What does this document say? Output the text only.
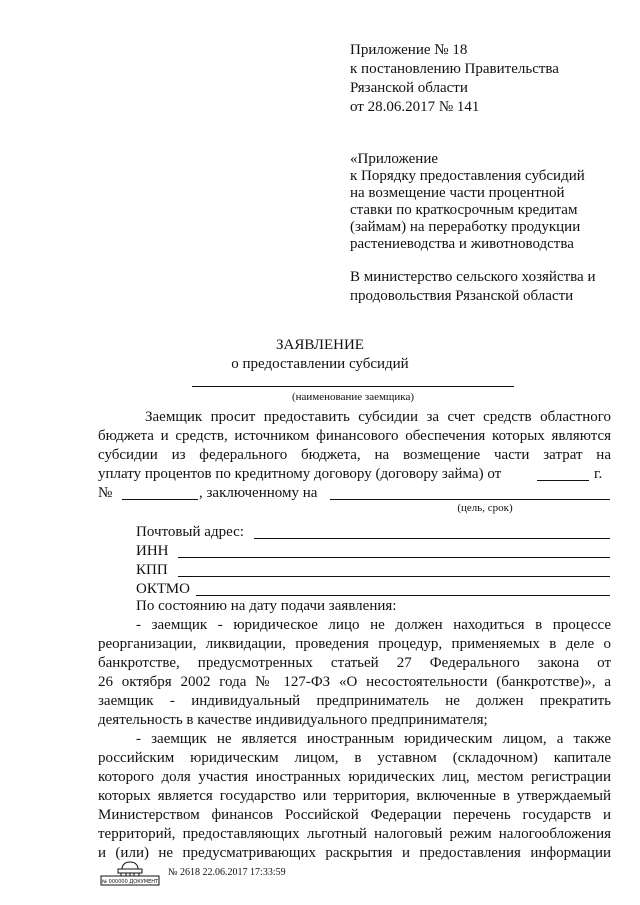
Приложение № 18
к постановлению Правительства
Рязанской области
от 28.06.2017 № 141
«Приложение
к Порядку предоставления субсидий
на возмещение части процентной
ставки по краткосрочным кредитам
(займам) на переработку продукции
растениеводства и животноводства
В министерство сельского хозяйства и
продовольствия Рязанской области
ЗАЯВЛЕНИЕ
о предоставлении субсидий
(наименование заемщика)
Заемщик просит предоставить субсидии за счет средств областного
бюджета и средств, источником финансового обеспечения которых являются
субсидии из федерального бюджета, на возмещение части затрат на
уплату процентов по кредитному договору (договору займа) от	г.
№	, заключенному на
(цель, срок)
Почтовый адрес:
ИНН
КПП
ОКТМО
По состоянию на дату подачи заявления:
- заемщик - юридическое лицо не должен находиться в процессе
реорганизации, ликвидации, проведения процедур, применяемых в деле о
банкротстве, предусмотренных статьей 27 Федерального закона от
26 октября 2002 года № 127-ФЗ «О несостоятельности (банкротстве)», а
заемщик - индивидуальный предприниматель не должен прекратить
деятельность в качестве индивидуального предпринимателя;
- заемщик не является иностранным юридическим лицом, а также
российским юридическим лицом, в уставном (складочном) капитале
которого доля участия иностранных юридических лиц, местом регистрации
которых является государство или территория, включенные в утверждаемый
Министерством финансов Российской Федерации перечень государств и
территорий, предоставляющих льготный налоговый режим налогообложения
и (или) не предусматривающих раскрытия и предоставления информации
№ 000000 ДОКУМЕНТ
№ 2618 22.06.2017 17:33:59
